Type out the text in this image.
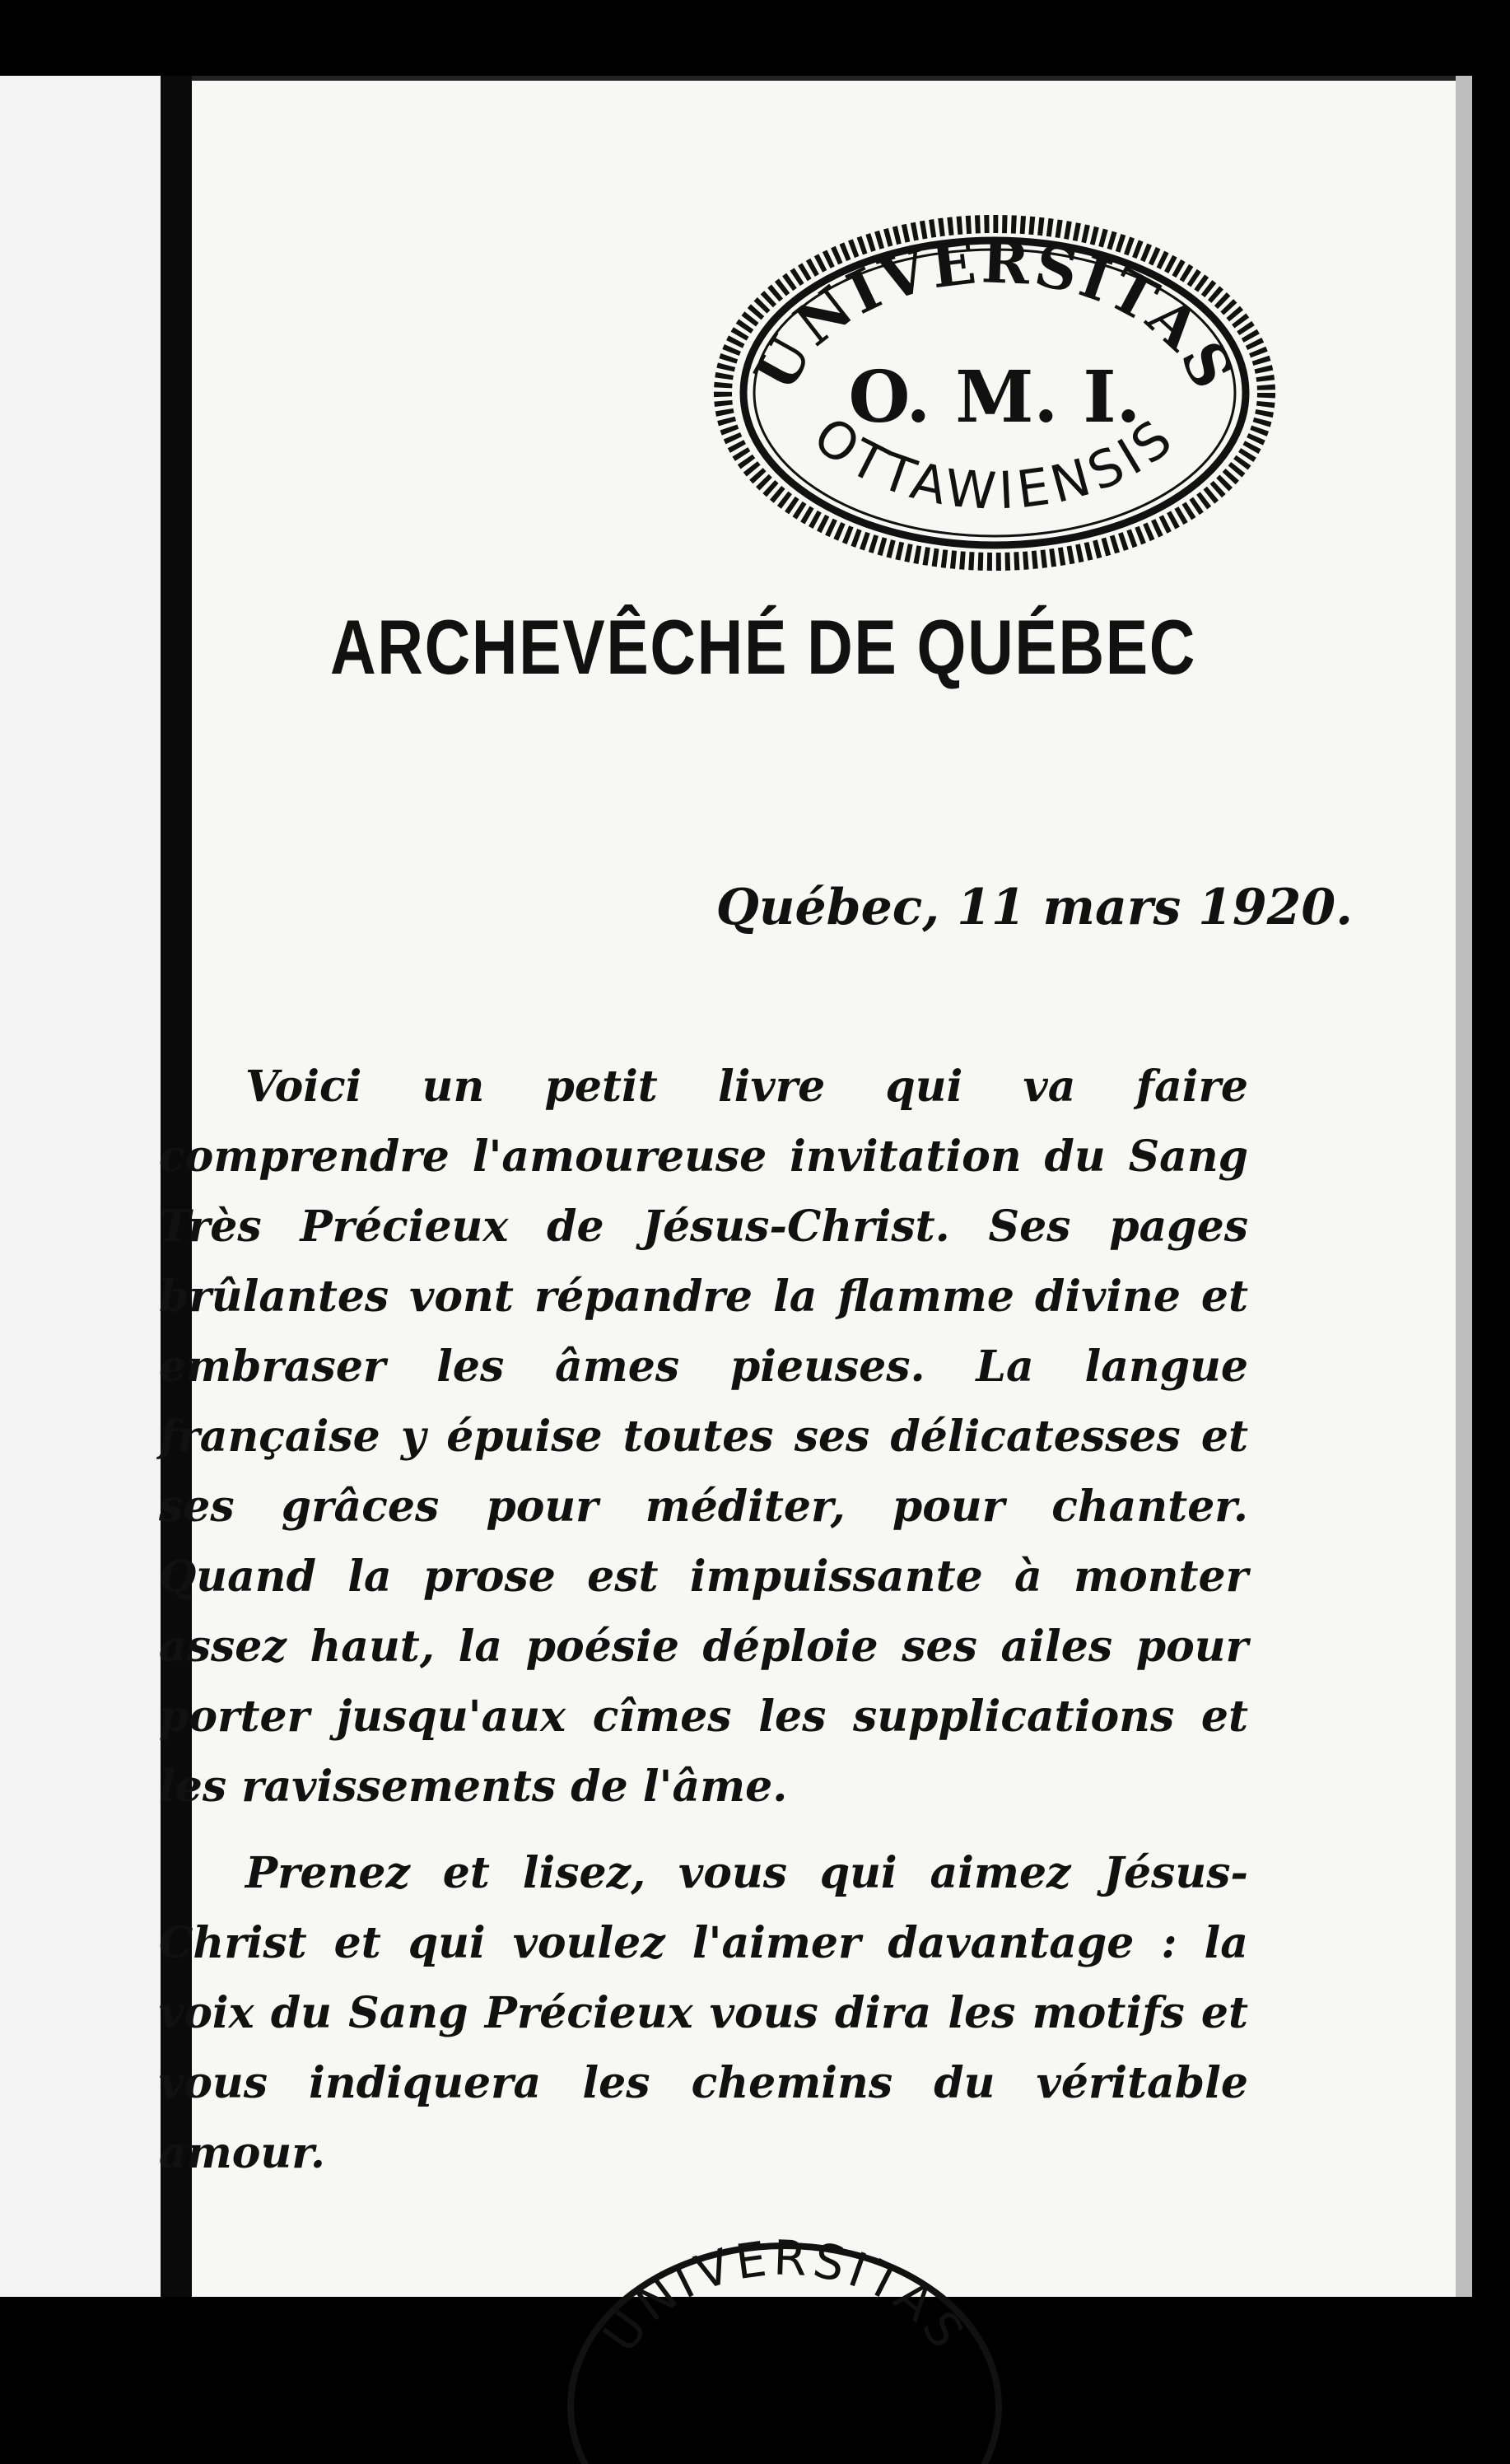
UNIVERSITAS
O. M. I.
OTTAWIENSIS
ARCHEVÊCHÉ DE QUÉBEC
Québec, 11 mars 1920.

Voici un petit livre qui va faire comprendre l'amoureuse invitation du Sang Très Précieux de Jésus-Christ. Ses pages brûlantes vont répandre la flamme divine et embraser les âmes pieuses. La langue française y épuise toutes ses délicatesses et ses grâces pour méditer, pour chanter. Quand la prose est impuissante à monter assez haut, la poésie déploie ses ailes pour porter jusqu'aux cîmes les supplications et les ravissements de l'âme.

Prenez et lisez, vous qui aimez Jésus-Christ et qui voulez l'aimer davantage : la voix du Sang Précieux vous dira les motifs et vous indiquera les chemins du véritable amour.

UNIVERSITAS
